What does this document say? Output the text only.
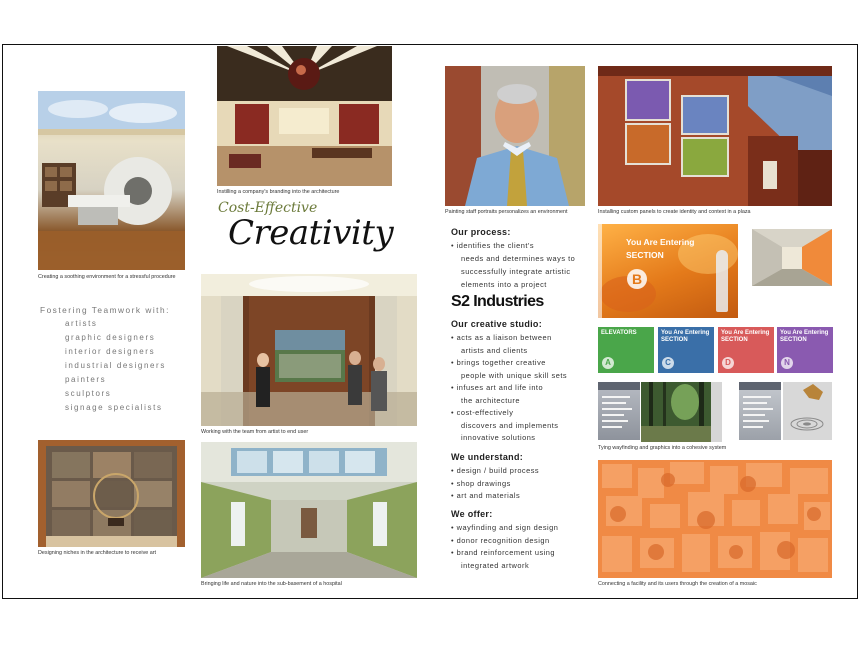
Creating a soothing environment for a stressful procedure
Instilling a company's branding into the architecture
Cost-Effective
Creativity
Fostering Teamwork with:
artists
graphic designers
interior designers
industrial designers
painters
sculptors
signage specialists
Working with the team from artist to end user
Designing niches in the architecture to receive art
Bringing life and nature into the sub-basement of a hospital
Painting staff portraits personalizes an environment
Our process:
• identifies the client's
needs and determines ways to
successfully integrate artistic
elements into a project
S2 Industries
Our creative studio:
• acts as a liaison between
artists and clients
• brings together creative
people with unique skill sets
• infuses art and life into
the architecture
• cost-effectively
discovers and implements
innovative solutions
We understand:
• design / build process
• shop drawings
• art and materials
We offer:
• wayfinding and sign design
• donor recognition design
• brand reinforcement using
integrated artwork
Installing custom panels to create identity and context in a plaza
You Are Entering
SECTION
B
ELEVATORS
A
You Are Entering
SECTION
C
You Are Entering
SECTION
D
You Are Entering
SECTION
N
Tying wayfinding and graphics into a cohesive system
Connecting a facility and its users through the creation of a mosaic
